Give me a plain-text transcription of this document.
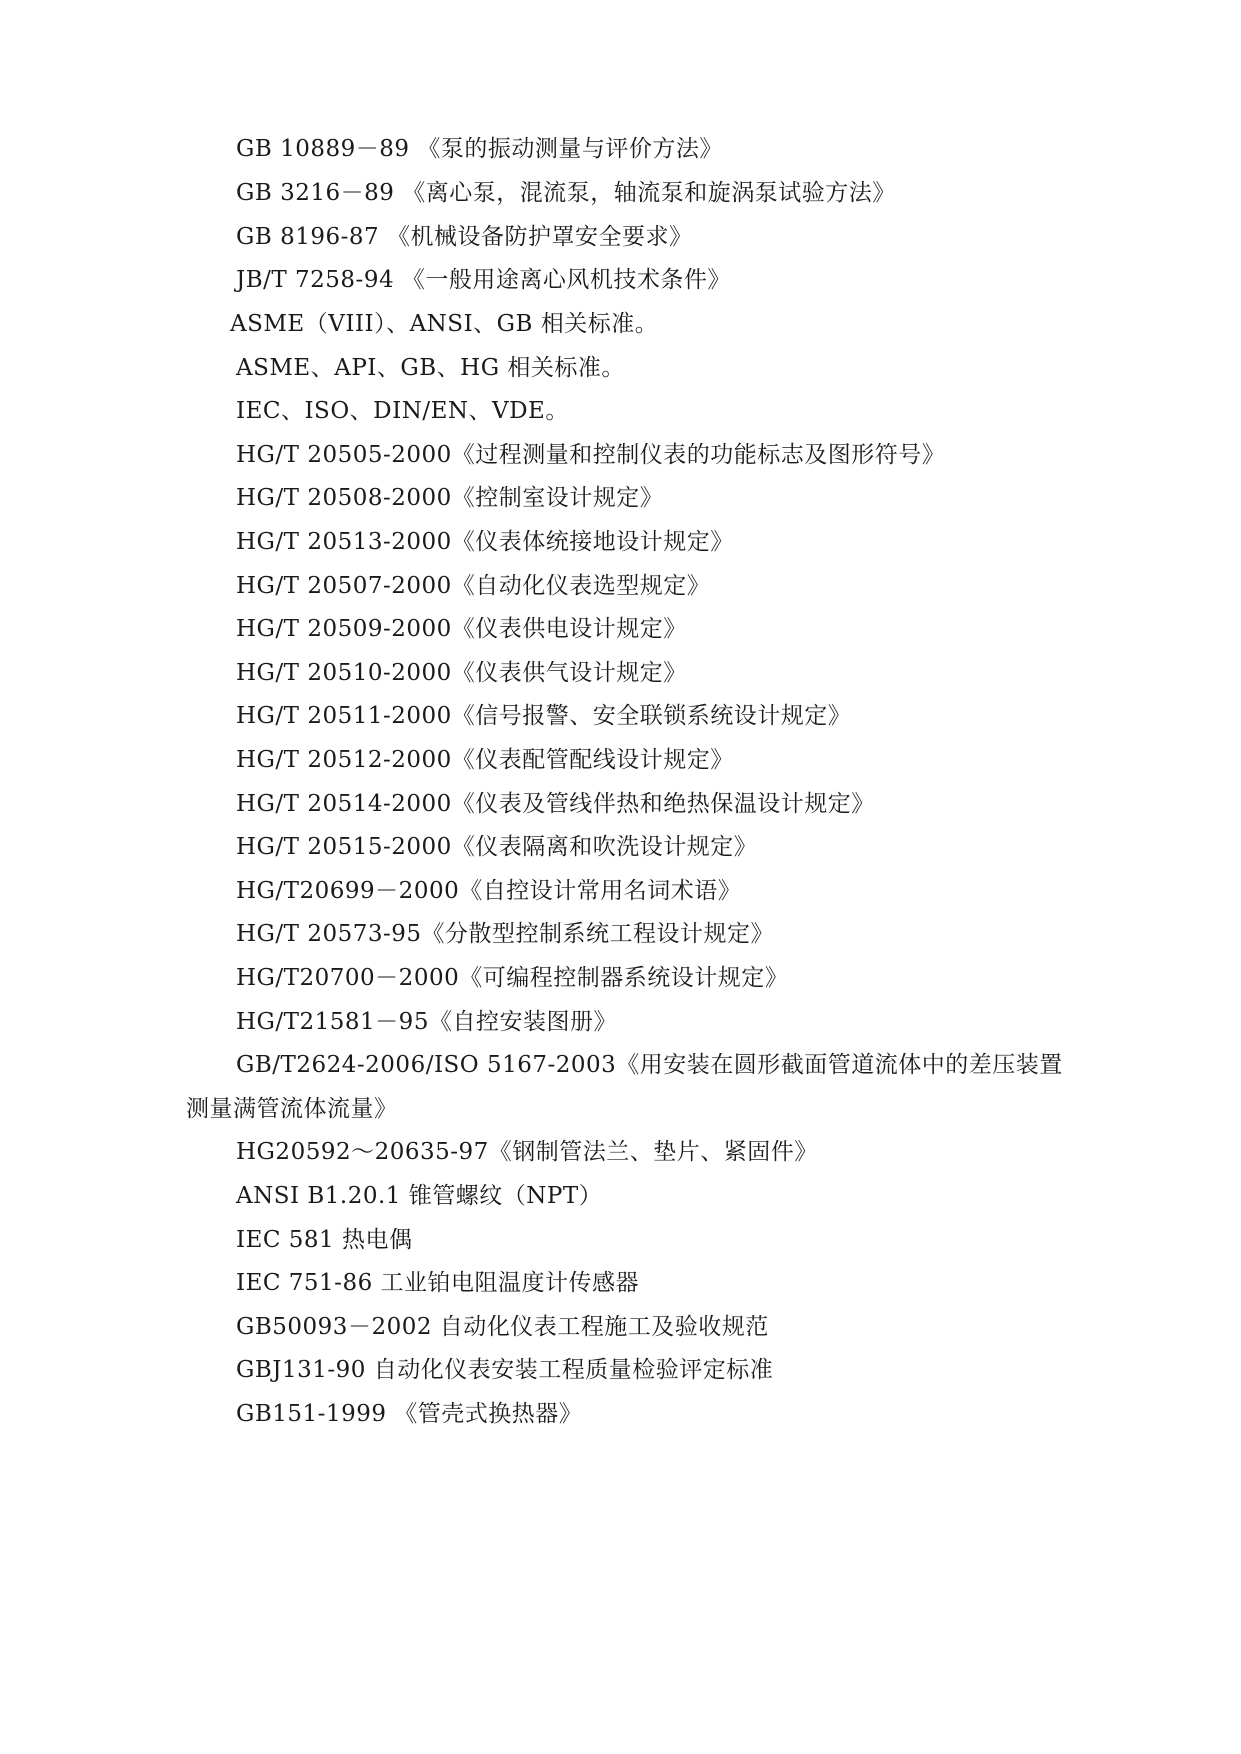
GB 10889－89 《泵的振动测量与评价方法》
GB 3216－89 《离心泵，混流泵，轴流泵和旋涡泵试验方法》
GB 8196-87 《机械设备防护罩安全要求》
JB/T 7258-94 《一般用途离心风机技术条件》
ASME（VIII）、ANSI、GB 相关标准。
ASME、API、GB、HG 相关标准。
IEC、ISO、DIN/EN、VDE。
HG/T 20505-2000《过程测量和控制仪表的功能标志及图形符号》
HG/T 20508-2000《控制室设计规定》
HG/T 20513-2000《仪表体统接地设计规定》
HG/T 20507-2000《自动化仪表选型规定》
HG/T 20509-2000《仪表供电设计规定》
HG/T 20510-2000《仪表供气设计规定》
HG/T 20511-2000《信号报警、安全联锁系统设计规定》
HG/T 20512-2000《仪表配管配线设计规定》
HG/T 20514-2000《仪表及管线伴热和绝热保温设计规定》
HG/T 20515-2000《仪表隔离和吹洗设计规定》
HG/T20699－2000《自控设计常用名词术语》
HG/T 20573-95《分散型控制系统工程设计规定》
HG/T20700－2000《可编程控制器系统设计规定》
HG/T21581－95《自控安装图册》
GB/T2624-2006/ISO 5167-2003《用安装在圆形截面管道流体中的差压装置
测量满管流体流量》
HG20592～20635-97《钢制管法兰、垫片、紧固件》
ANSI B1.20.1 锥管螺纹（NPT）
IEC 581 热电偶
IEC 751-86 工业铂电阻温度计传感器
GB50093－2002 自动化仪表工程施工及验收规范
GBJ131-90 自动化仪表安装工程质量检验评定标准
GB151-1999 《管壳式换热器》
